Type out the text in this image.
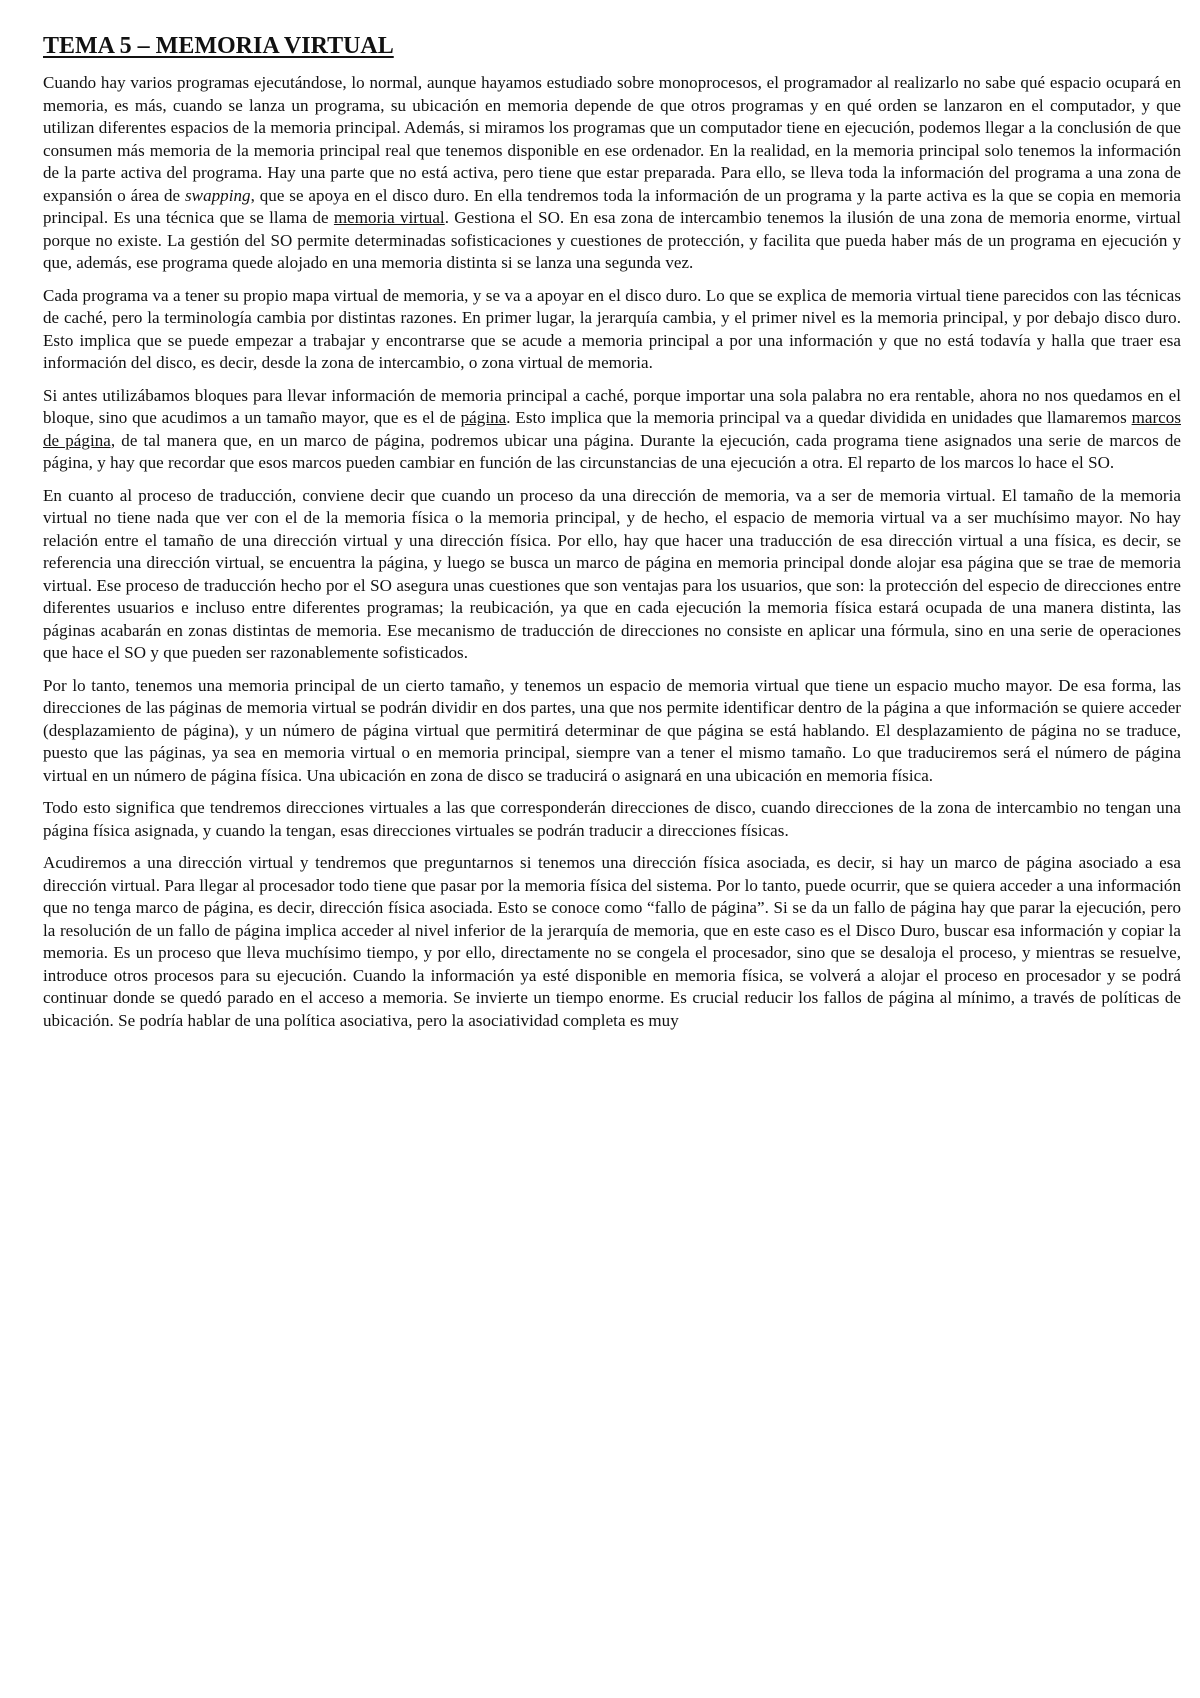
TEMA 5 – MEMORIA VIRTUAL

Cuando hay varios programas ejecutándose, lo normal, aunque hayamos estudiado sobre monoprocesos, el programador al realizarlo no sabe qué espacio ocupará en memoria, es más, cuando se lanza un programa, su ubicación en memoria depende de que otros programas y en qué orden se lanzaron en el computador, y que utilizan diferentes espacios de la memoria principal. Además, si miramos los programas que un computador tiene en ejecución, podemos llegar a la conclusión de que consumen más memoria de la memoria principal real que tenemos disponible en ese ordenador. En la realidad, en la memoria principal solo tenemos la información de la parte activa del programa. Hay una parte que no está activa, pero tiene que estar preparada. Para ello, se lleva toda la información del programa a una zona de expansión o área de swapping, que se apoya en el disco duro. En ella tendremos toda la información de un programa y la parte activa es la que se copia en memoria principal. Es una técnica que se llama de memoria virtual. Gestiona el SO. En esa zona de intercambio tenemos la ilusión de una zona de memoria enorme, virtual porque no existe. La gestión del SO permite determinadas sofisticaciones y cuestiones de protección, y facilita que pueda haber más de un programa en ejecución y que, además, ese programa quede alojado en una memoria distinta si se lanza una segunda vez.

Cada programa va a tener su propio mapa virtual de memoria, y se va a apoyar en el disco duro. Lo que se explica de memoria virtual tiene parecidos con las técnicas de caché, pero la terminología cambia por distintas razones. En primer lugar, la jerarquía cambia, y el primer nivel es la memoria principal, y por debajo disco duro. Esto implica que se puede empezar a trabajar y encontrarse que se acude a memoria principal a por una información y que no está todavía y halla que traer esa información del disco, es decir, desde la zona de intercambio, o zona virtual de memoria.

Si antes utilizábamos bloques para llevar información de memoria principal a caché, porque importar una sola palabra no era rentable, ahora no nos quedamos en el bloque, sino que acudimos a un tamaño mayor, que es el de página. Esto implica que la memoria principal va a quedar dividida en unidades que llamaremos marcos de página, de tal manera que, en un marco de página, podremos ubicar una página. Durante la ejecución, cada programa tiene asignados una serie de marcos de página, y hay que recordar que esos marcos pueden cambiar en función de las circunstancias de una ejecución a otra. El reparto de los marcos lo hace el SO.

En cuanto al proceso de traducción, conviene decir que cuando un proceso da una dirección de memoria, va a ser de memoria virtual. El tamaño de la memoria virtual no tiene nada que ver con el de la memoria física o la memoria principal, y de hecho, el espacio de memoria virtual va a ser muchísimo mayor. No hay relación entre el tamaño de una dirección virtual y una dirección física. Por ello, hay que hacer una traducción de esa dirección virtual a una física, es decir, se referencia una dirección virtual, se encuentra la página, y luego se busca un marco de página en memoria principal donde alojar esa página que se trae de memoria virtual. Ese proceso de traducción hecho por el SO asegura unas cuestiones que son ventajas para los usuarios, que son: la protección del especio de direcciones entre diferentes usuarios e incluso entre diferentes programas; la reubicación, ya que en cada ejecución la memoria física estará ocupada de una manera distinta, las páginas acabarán en zonas distintas de memoria. Ese mecanismo de traducción de direcciones no consiste en aplicar una fórmula, sino en una serie de operaciones que hace el SO y que pueden ser razonablemente sofisticados.

Por lo tanto, tenemos una memoria principal de un cierto tamaño, y tenemos un espacio de memoria virtual que tiene un espacio mucho mayor. De esa forma, las direcciones de las páginas de memoria virtual se podrán dividir en dos partes, una que nos permite identificar dentro de la página a que información se quiere acceder (desplazamiento de página), y un número de página virtual que permitirá determinar de que página se está hablando. El desplazamiento de página no se traduce, puesto que las páginas, ya sea en memoria virtual o en memoria principal, siempre van a tener el mismo tamaño. Lo que traduciremos será el número de página virtual en un número de página física. Una ubicación en zona de disco se traducirá o asignará en una ubicación en memoria física.

Todo esto significa que tendremos direcciones virtuales a las que corresponderán direcciones de disco, cuando direcciones de la zona de intercambio no tengan una página física asignada, y cuando la tengan, esas direcciones virtuales se podrán traducir a direcciones físicas.

Acudiremos a una dirección virtual y tendremos que preguntarnos si tenemos una dirección física asociada, es decir, si hay un marco de página asociado a esa dirección virtual. Para llegar al procesador todo tiene que pasar por la memoria física del sistema. Por lo tanto, puede ocurrir, que se quiera acceder a una información que no tenga marco de página, es decir, dirección física asociada. Esto se conoce como “fallo de página”. Si se da un fallo de página hay que parar la ejecución, pero la resolución de un fallo de página implica acceder al nivel inferior de la jerarquía de memoria, que en este caso es el Disco Duro, buscar esa información y copiar la memoria. Es un proceso que lleva muchísimo tiempo, y por ello, directamente no se congela el procesador, sino que se desaloja el proceso, y mientras se resuelve, introduce otros procesos para su ejecución. Cuando la información ya esté disponible en memoria física, se volverá a alojar el proceso en procesador y se podrá continuar donde se quedó parado en el acceso a memoria. Se invierte un tiempo enorme. Es crucial reducir los fallos de página al mínimo, a través de políticas de ubicación. Se podría hablar de una política asociativa, pero la asociatividad completa es muy
